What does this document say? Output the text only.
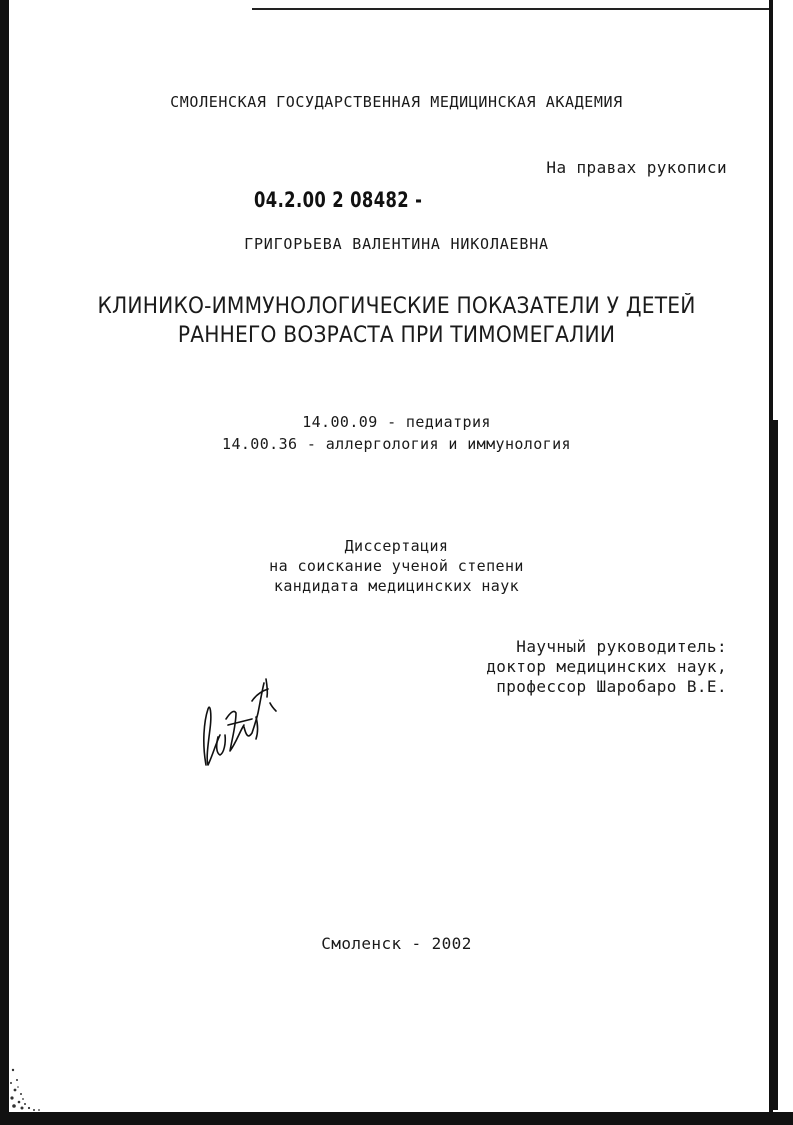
СМОЛЕНСКАЯ ГОСУДАРСТВЕННАЯ МЕДИЦИНСКАЯ АКАДЕМИЯ
На правах рукописи
04.2.00 2 08482 -
ГРИГОРЬЕВА ВАЛЕНТИНА НИКОЛАЕВНА
КЛИНИКО-ИММУНОЛОГИЧЕСКИЕ ПОКАЗАТЕЛИ У ДЕТЕЙ
РАННЕГО ВОЗРАСТА ПРИ ТИМОМЕГАЛИИ
14.00.09 - педиатрия
14.00.36 - аллергология и иммунология
Диссертация
на соискание ученой степени
кандидата медицинских наук
Научный руководитель:
доктор медицинских наук,
профессор Шаробаро В.Е.
Смоленск - 2002
